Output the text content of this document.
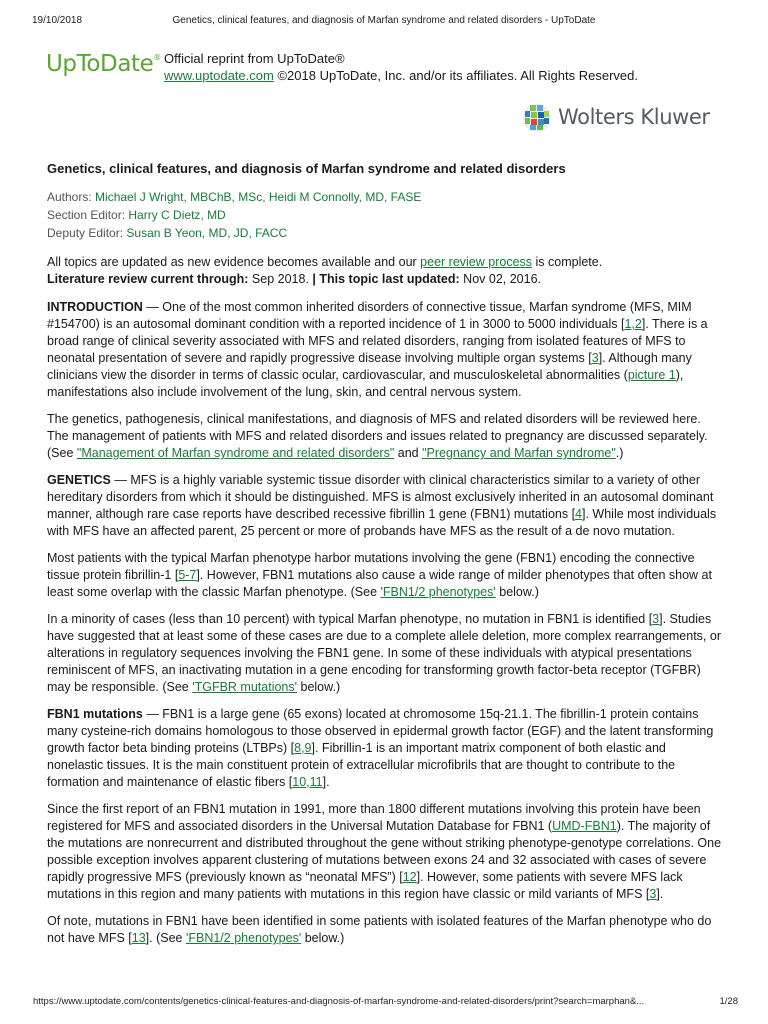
19/10/2018	Genetics, clinical features, and diagnosis of Marfan syndrome and related disorders - UpToDate
UpToDate® Official reprint from UpToDate®
www.uptodate.com ©2018 UpToDate, Inc. and/or its affiliates. All Rights Reserved.
Wolters Kluwer
Genetics, clinical features, and diagnosis of Marfan syndrome and related disorders
Authors: Michael J Wright, MBChB, MSc, Heidi M Connolly, MD, FASE
Section Editor: Harry C Dietz, MD
Deputy Editor: Susan B Yeon, MD, JD, FACC

All topics are updated as new evidence becomes available and our peer review process is complete.

Literature review current through: Sep 2018. | This topic last updated: Nov 02, 2016.

INTRODUCTION — One of the most common inherited disorders of connective tissue, Marfan syndrome (MFS, MIM #154700) is an autosomal dominant condition with a reported incidence of 1 in 3000 to 5000 individuals [1,2]. There is a broad range of clinical severity associated with MFS and related disorders, ranging from isolated features of MFS to neonatal presentation of severe and rapidly progressive disease involving multiple organ systems [3]. Although many clinicians view the disorder in terms of classic ocular, cardiovascular, and musculoskeletal abnormalities (picture 1), manifestations also include involvement of the lung, skin, and central nervous system.

The genetics, pathogenesis, clinical manifestations, and diagnosis of MFS and related disorders will be reviewed here. The management of patients with MFS and related disorders and issues related to pregnancy are discussed separately. (See "Management of Marfan syndrome and related disorders" and "Pregnancy and Marfan syndrome".)

GENETICS — MFS is a highly variable systemic tissue disorder with clinical characteristics similar to a variety of other hereditary disorders from which it should be distinguished. MFS is almost exclusively inherited in an autosomal dominant manner, although rare case reports have described recessive fibrillin 1 gene (FBN1) mutations [4]. While most individuals with MFS have an affected parent, 25 percent or more of probands have MFS as the result of a de novo mutation.

Most patients with the typical Marfan phenotype harbor mutations involving the gene (FBN1) encoding the connective tissue protein fibrillin-1 [5-7]. However, FBN1 mutations also cause a wide range of milder phenotypes that often show at least some overlap with the classic Marfan phenotype. (See 'FBN1/2 phenotypes' below.)

In a minority of cases (less than 10 percent) with typical Marfan phenotype, no mutation in FBN1 is identified [3]. Studies have suggested that at least some of these cases are due to a complete allele deletion, more complex rearrangements, or alterations in regulatory sequences involving the FBN1 gene. In some of these individuals with atypical presentations reminiscent of MFS, an inactivating mutation in a gene encoding for transforming growth factor-beta receptor (TGFBR) may be responsible. (See 'TGFBR mutations' below.)

FBN1 mutations — FBN1 is a large gene (65 exons) located at chromosome 15q-21.1. The fibrillin-1 protein contains many cysteine-rich domains homologous to those observed in epidermal growth factor (EGF) and the latent transforming growth factor beta binding proteins (LTBPs) [8,9]. Fibrillin-1 is an important matrix component of both elastic and nonelastic tissues. It is the main constituent protein of extracellular microfibrils that are thought to contribute to the formation and maintenance of elastic fibers [10,11].

Since the first report of an FBN1 mutation in 1991, more than 1800 different mutations involving this protein have been registered for MFS and associated disorders in the Universal Mutation Database for FBN1 (UMD-FBN1). The majority of the mutations are nonrecurrent and distributed throughout the gene without striking phenotype-genotype correlations. One possible exception involves apparent clustering of mutations between exons 24 and 32 associated with cases of severe rapidly progressive MFS (previously known as “neonatal MFS”) [12]. However, some patients with severe MFS lack mutations in this region and many patients with mutations in this region have classic or mild variants of MFS [3].

Of note, mutations in FBN1 have been identified in some patients with isolated features of the Marfan phenotype who do not have MFS [13]. (See 'FBN1/2 phenotypes' below.)

https://www.uptodate.com/contents/genetics-clinical-features-and-diagnosis-of-marfan-syndrome-and-related-disorders/print?search=marphan&...	1/28
